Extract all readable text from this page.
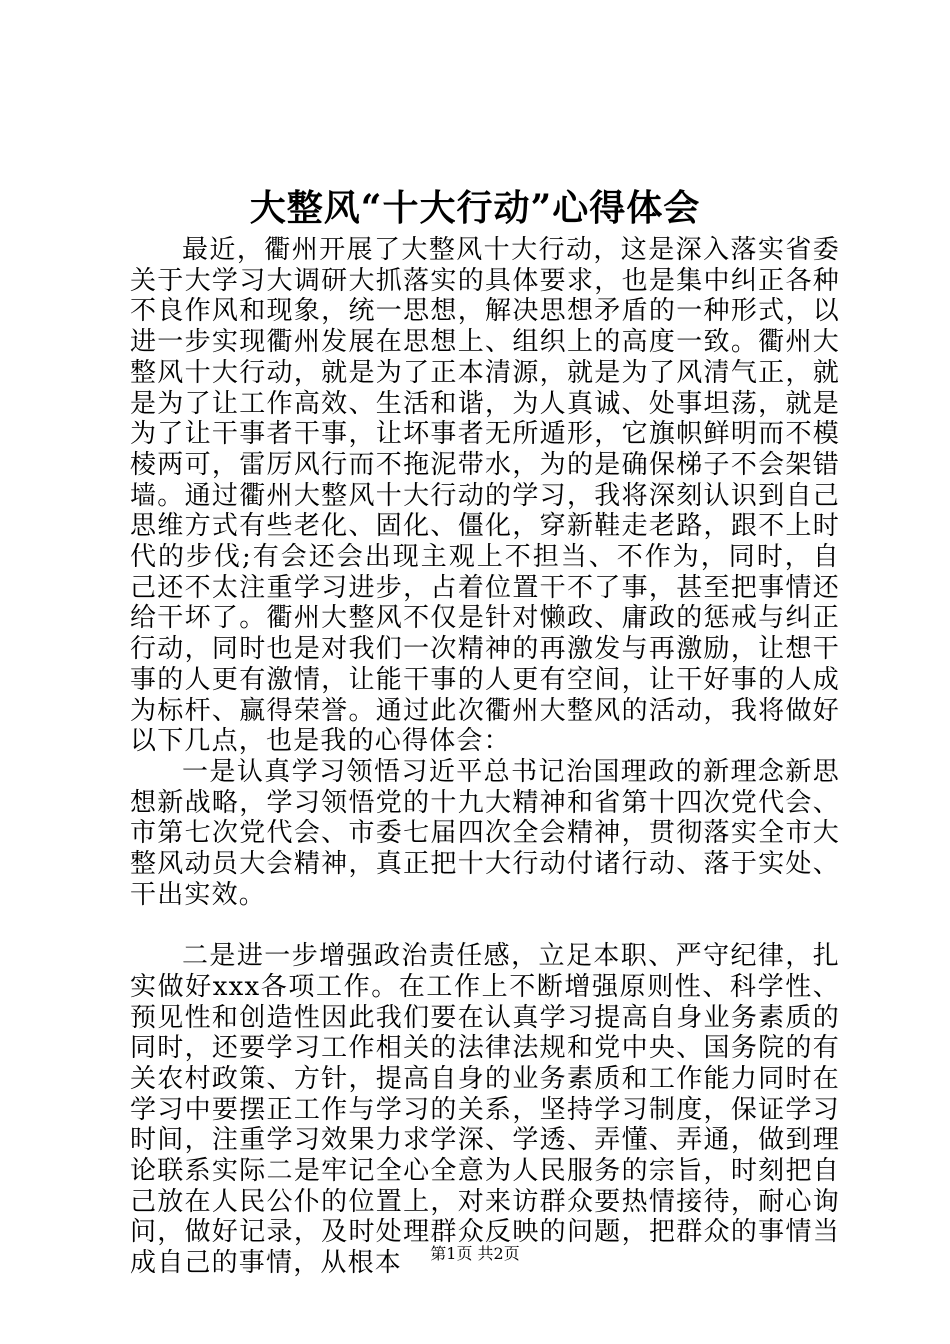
大整风“十大行动”心得体会

最近，衢州开展了大整风十大行动，这是深入落实省委关于大学习大调研大抓落实的具体要求，也是集中纠正各种不良作风和现象，统一思想，解决思想矛盾的一种形式，以进一步实现衢州发展在思想上、组织上的高度一致。衢州大整风十大行动，就是为了正本清源，就是为了风清气正，就是为了让工作高效、生活和谐，为人真诚、处事坦荡，就是为了让干事者干事，让坏事者无所遁形，它旗帜鲜明而不模棱两可，雷厉风行而不拖泥带水，为的是确保梯子不会架错墙。通过衢州大整风十大行动的学习，我将深刻认识到自己思维方式有些老化、固化、僵化，穿新鞋走老路，跟不上时代的步伐;有会还会出现主观上不担当、不作为，同时，自己还不太注重学习进步，占着位置干不了事，甚至把事情还给干坏了。衢州大整风不仅是针对懒政、庸政的惩戒与纠正行动，同时也是对我们一次精神的再激发与再激励，让想干事的人更有激情，让能干事的人更有空间，让干好事的人成为标杆、赢得荣誉。通过此次衢州大整风的活动，我将做好以下几点，也是我的心得体会：

一是认真学习领悟习近平总书记治国理政的新理念新思想新战略，学习领悟党的十九大精神和省第十四次党代会、市第七次党代会、市委七届四次全会精神，贯彻落实全市大整风动员大会精神，真正把十大行动付诸行动、落于实处、干出实效。

二是进一步增强政治责任感，立足本职、严守纪律，扎实做好xxx各项工作。在工作上不断增强原则性、科学性、预见性和创造性因此我们要在认真学习提高自身业务素质的同时，还要学习工作相关的法律法规和党中央、国务院的有关农村政策、方针，提高自身的业务素质和工作能力同时在学习中要摆正工作与学习的关系，坚持学习制度，保证学习时间，注重学习效果力求学深、学透、弄懂、弄通，做到理论联系实际二是牢记全心全意为人民服务的宗旨，时刻把自己放在人民公仆的位置上，对来访群众要热情接待，耐心询问，做好记录，及时处理群众反映的问题，把群众的事情当成自己的事情，从根本	第1页 共2页
